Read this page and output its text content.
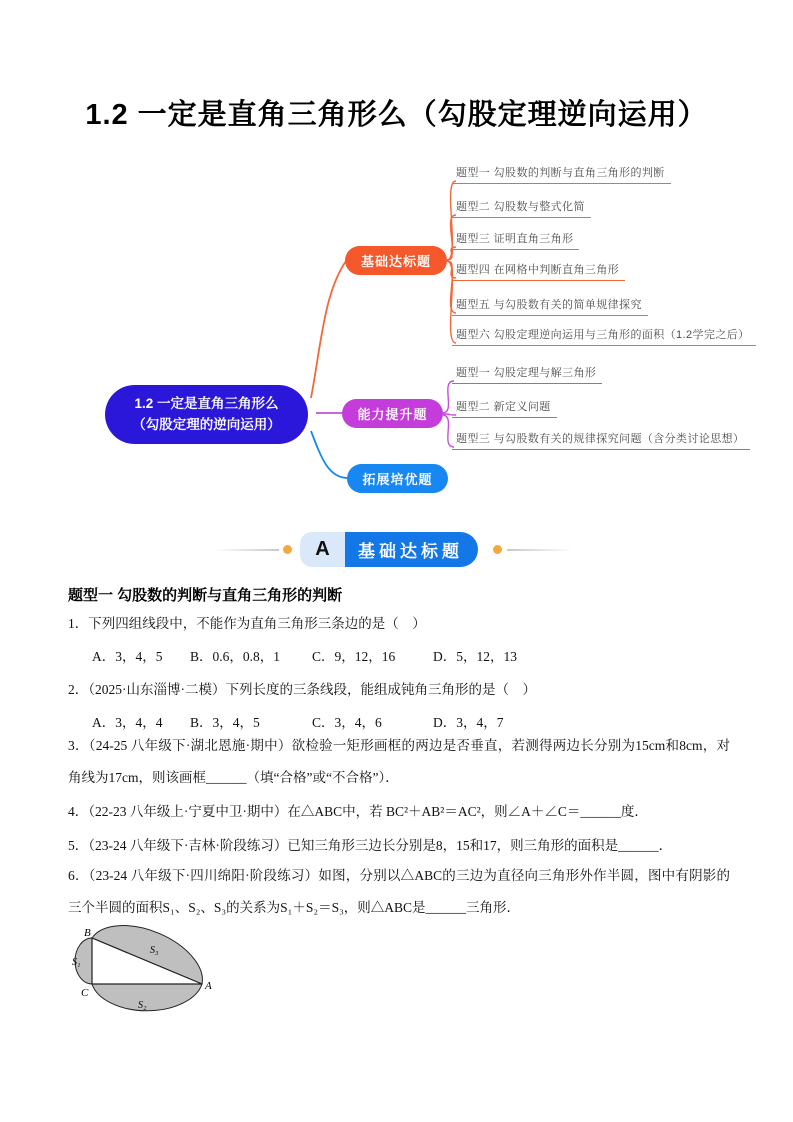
1.2 一定是直角三角形么（勾股定理逆向运用）
1.2 一定是直角三角形么
（勾股定理的逆向运用）
基础达标题
能力提升题
拓展培优题
题型一 勾股数的判断与直角三角形的判断
题型二 勾股数与整式化简
题型三 证明直角三角形
题型四 在网格中判断直角三角形
题型五 与勾股数有关的简单规律探究
题型六 勾股定理逆向运用与三角形的面积（1.2学完之后）
题型一 勾股定理与解三角形
题型二 新定义问题
题型三 与勾股数有关的规律探究问题（含分类讨论思想）
A	基础达标题
题型一 勾股数的判断与直角三角形的判断
1．下列四组线段中，不能作为直角三角形三条边的是（　）
A．3，4，5	B．0.6，0.8，1	C．9，12，16	D．5，12，13
2．（2025·山东淄博·二模）下列长度的三条线段，能组成钝角三角形的是（　）
A．3，4，4	B．3，4，5	C．3，4，6	D．3，4，7
3．（24-25 八年级下·湖北恩施·期中）欲检验一矩形画框的两边是否垂直，若测得两边长分别为15cm和8cm，对角线为17cm，则该画框______（填“合格”或“不合格”）．
4．（22-23 八年级上·宁夏中卫·期中）在△ABC中，若 BC²＋AB²＝AC²，则∠A＋∠C＝______度．
5．（23-24 八年级下·吉林·阶段练习）已知三角形三边长分别是8，15和17，则三角形的面积是______．
6．（23-24 八年级下·四川绵阳·阶段练习）如图，分别以△ABC的三边为直径向三角形外作半圆，图中有阴影的三个半圆的面积S₁、S₂、S₃的关系为S₁＋S₂＝S₃，则△ABC是______三角形．
B
C
A
S₁
S₂
S₃
